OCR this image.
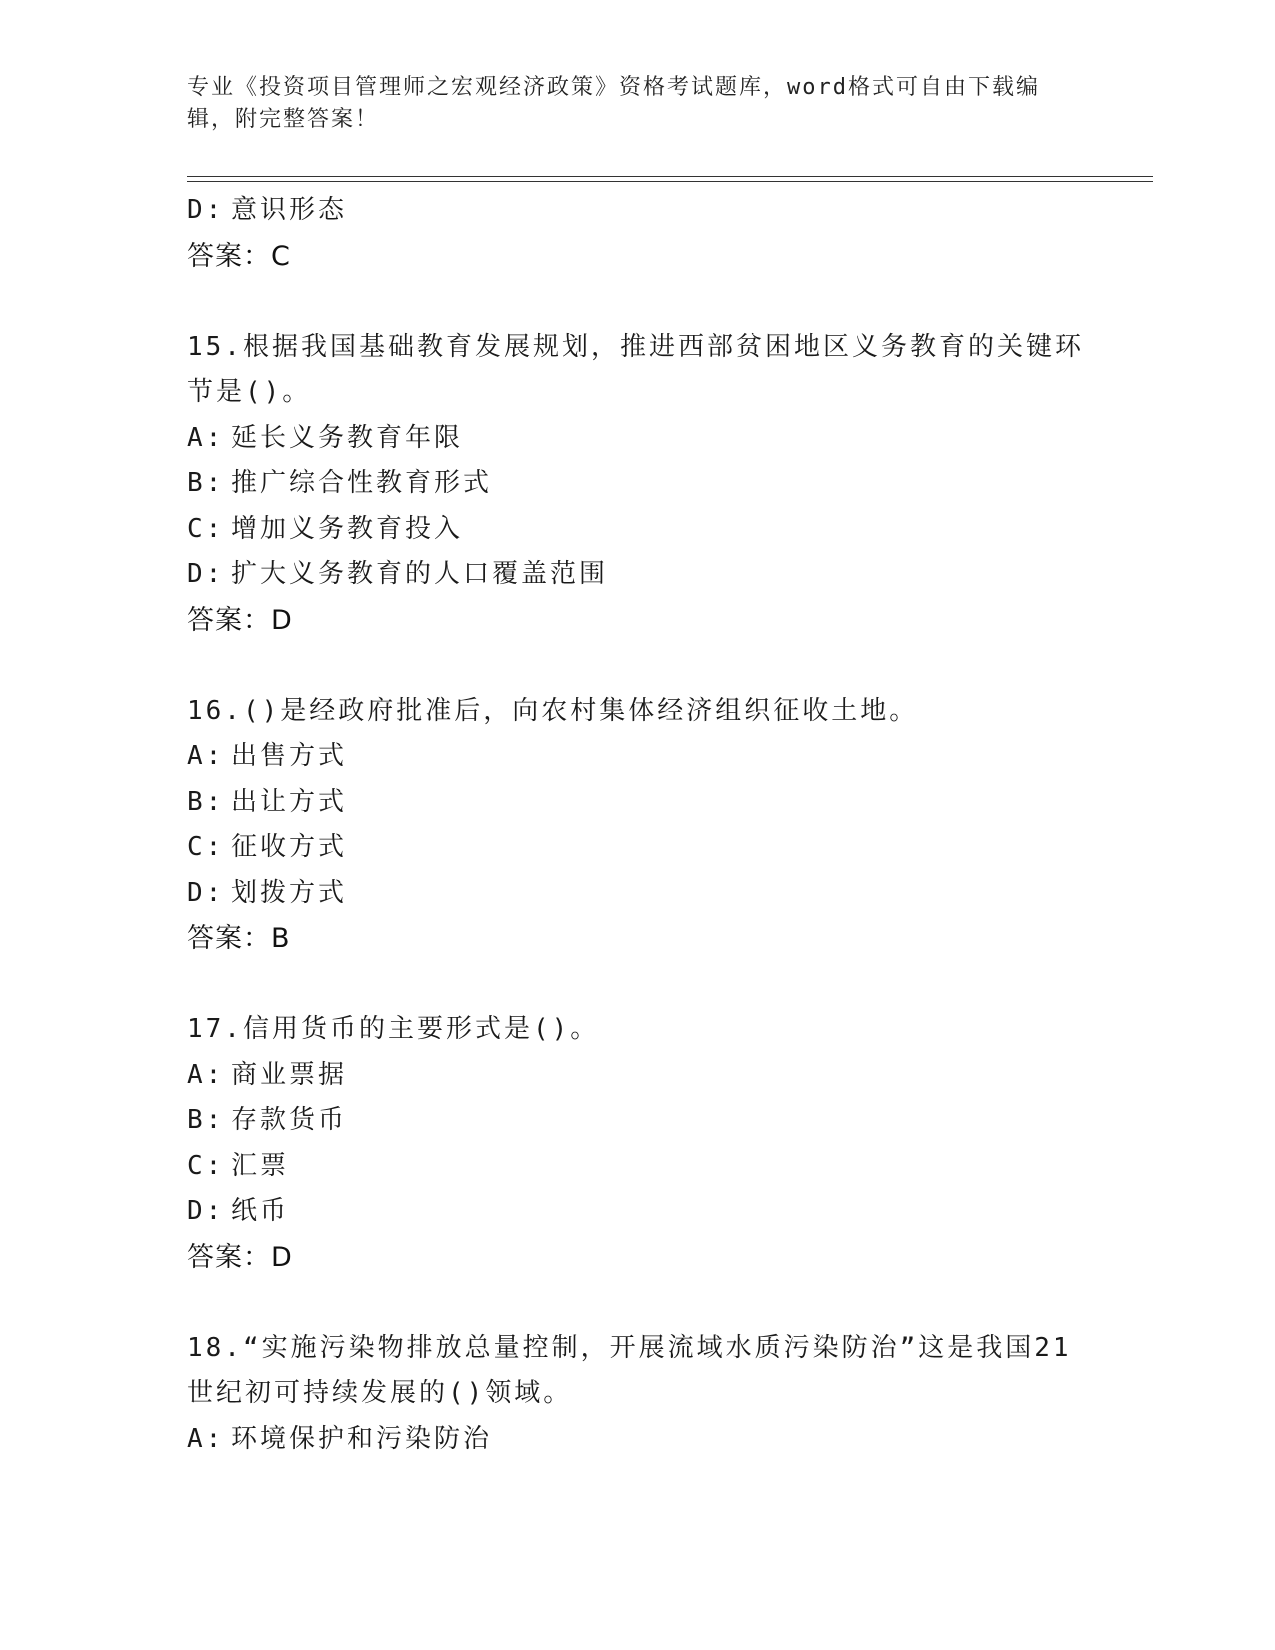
专业《投资项目管理师之宏观经济政策》资格考试题库，word格式可自由下载编
辑，附完整答案！
D: 意识形态
答案：C
15.根据我国基础教育发展规划，推进西部贫困地区义务教育的关键环
节是()。
A: 延长义务教育年限
B: 推广综合性教育形式
C: 增加义务教育投入
D: 扩大义务教育的人口覆盖范围
答案：D
16.()是经政府批准后，向农村集体经济组织征收土地。
A: 出售方式
B: 出让方式
C: 征收方式
D: 划拨方式
答案：B
17.信用货币的主要形式是()。
A: 商业票据
B: 存款货币
C: 汇票
D: 纸币
答案：D
18.“实施污染物排放总量控制，开展流域水质污染防治”这是我国21
世纪初可持续发展的()领域。
A: 环境保护和污染防治
